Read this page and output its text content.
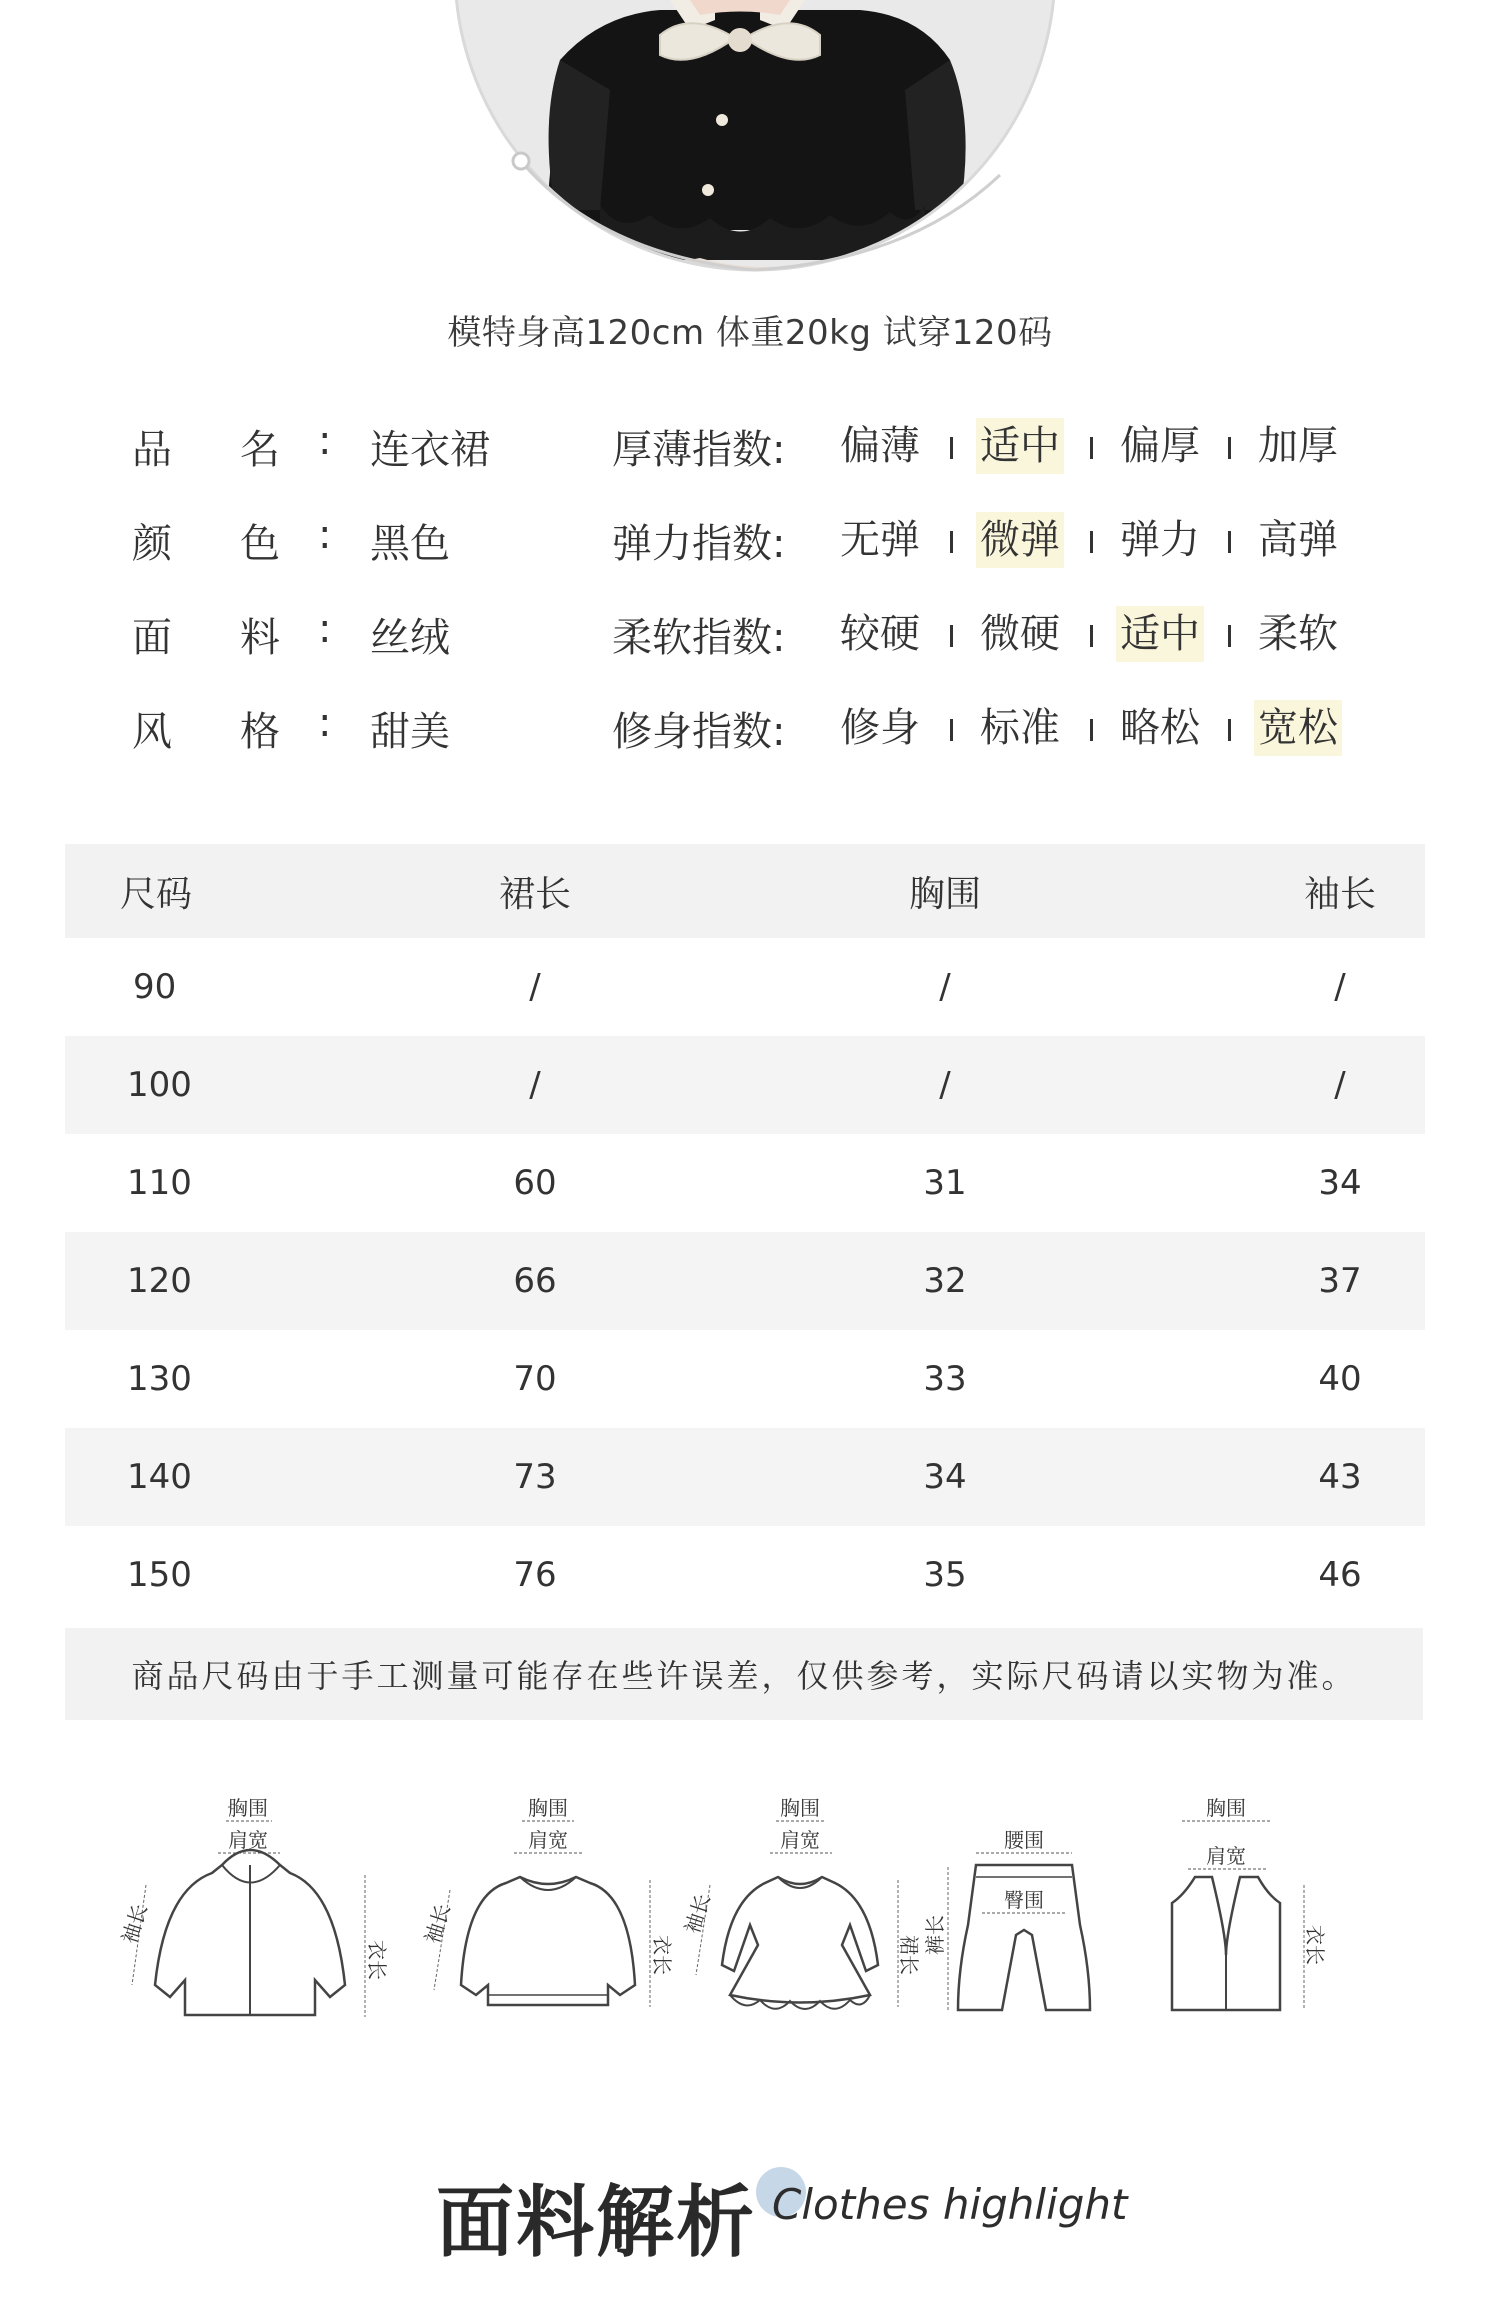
模特身高120cm 体重20kg 试穿120码
品 名 : 连衣裙	厚薄指数: 偏薄 适中 偏厚 加厚
颜 色 : 黑色	弹力指数: 无弹 微弹 弹力 高弹
面 料 : 丝绒	柔软指数: 较硬 微硬 适中 柔软
风 格 : 甜美	修身指数: 修身 标准 略松 宽松
尺码	裙长	胸围	袖长
90	/	/	/
100	/	/	/
110	60	31	34
120	66	32	37
130	70	33	40
140	73	34	43
150	76	35	46
商品尺码由于手工测量可能存在些许误差，仅供参考，实际尺码请以实物为准。
胸围
肩宽
袖长
衣长
胸围
肩宽
袖长
衣长
胸围
肩宽
袖长
裙长
腰围
臀围
裤长
胸围
肩宽
衣长
面料解析 Clothes highlight
